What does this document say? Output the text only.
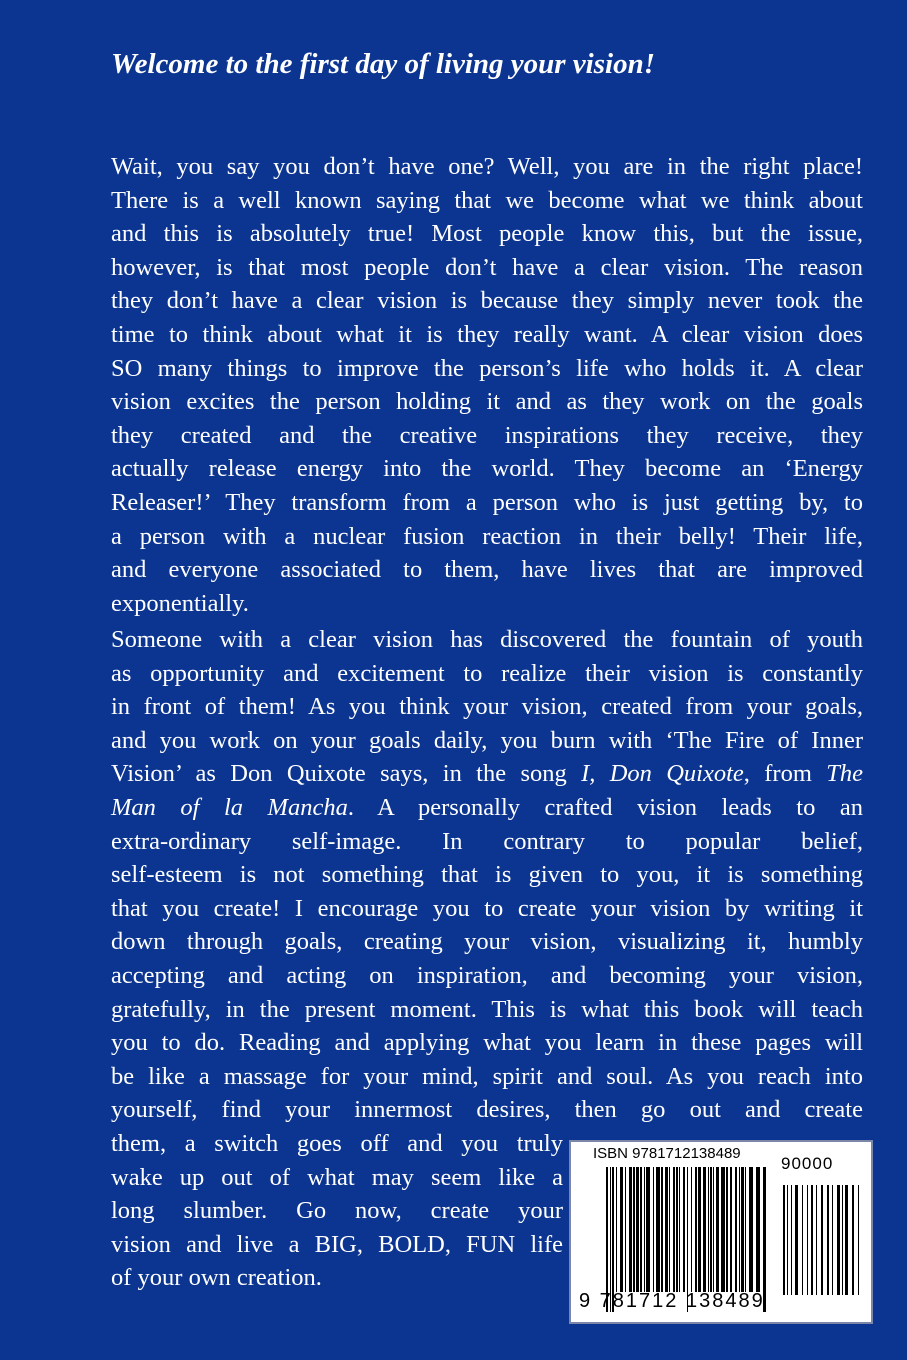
Welcome to the first day of living your vision!
Wait, you say you don’t have one? Well, you are in the right place!
There is a well known saying that we become what we think about
and this is absolutely true! Most people know this, but the issue,
however, is that most people don’t have a clear vision. The reason
they don’t have a clear vision is because they simply never took the
time to think about what it is they really want. A clear vision does
SO many things to improve the person’s life who holds it. A clear
vision excites the person holding it and as they work on the goals
they created and the creative inspirations they receive, they
actually release energy into the world. They become an ‘Energy
Releaser!’ They transform from a person who is just getting by, to
a person with a nuclear fusion reaction in their belly! Their life,
and everyone associated to them, have lives that are improved
exponentially.
Someone with a clear vision has discovered the fountain of youth
as opportunity and excitement to realize their vision is constantly
in front of them! As you think your vision, created from your goals,
and you work on your goals daily, you burn with ‘The Fire of Inner
Vision’ as Don Quixote says, in the song I, Don Quixote, from The
Man of la Mancha. A personally crafted vision leads to an
extra-ordinary self-image. In contrary to popular belief,
self-esteem is not something that is given to you, it is something
that you create! I encourage you to create your vision by writing it
down through goals, creating your vision, visualizing it, humbly
accepting and acting on inspiration, and becoming your vision,
gratefully, in the present moment. This is what this book will teach
you to do. Reading and applying what you learn in these pages will
be like a massage for your mind, spirit and soul. As you reach into
yourself, find your innermost desires, then go out and create
them, a switch goes off and you truly
wake up out of what may seem like a
long slumber. Go now, create your
vision and live a BIG, BOLD, FUN life
of your own creation.
ISBN 9781712138489
90000
9 781712 138489
